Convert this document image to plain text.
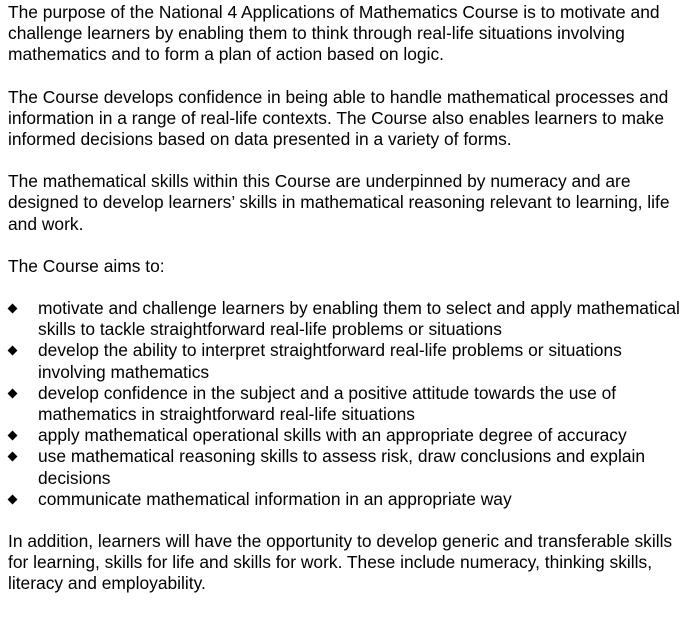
The purpose of the National 4 Applications of Mathematics Course is to motivate and challenge learners by enabling them to think through real-life situations involving mathematics and to form a plan of action based on logic.

The Course develops confidence in being able to handle mathematical processes and information in a range of real-life contexts. The Course also enables learners to make informed decisions based on data presented in a variety of forms.

The mathematical skills within this Course are underpinned by numeracy and are designed to develop learners’ skills in mathematical reasoning relevant to learning, life and work.

The Course aims to:

motivate and challenge learners by enabling them to select and apply mathematical skills to tackle straightforward real-life problems or situations
develop the ability to interpret straightforward real-life problems or situations involving mathematics
develop confidence in the subject and a positive attitude towards the use of mathematics in straightforward real-life situations
apply mathematical operational skills with an appropriate degree of accuracy
use mathematical reasoning skills to assess risk, draw conclusions and explain decisions
communicate mathematical information in an appropriate way

In addition, learners will have the opportunity to develop generic and transferable skills for learning, skills for life and skills for work. These include numeracy, thinking skills, literacy and employability.
